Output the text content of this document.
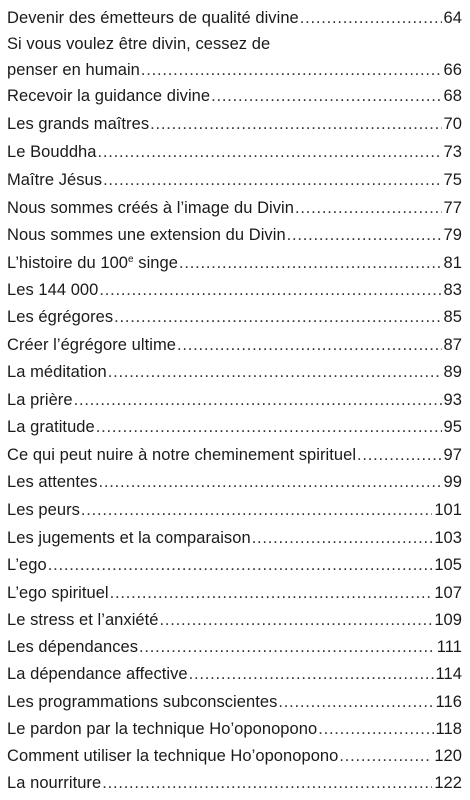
Devenir des émetteurs de qualité divine . . .	64
Si vous voulez être divin, cessez de
penser en humain . . .	66
Recevoir la guidance divine . . .	68
Les grands maîtres . . .	70
Le Bouddha . . .	73
Maître Jésus . . .	75
Nous sommes créés à l’image du Divin . . .	77
Nous sommes une extension du Divin . . .	79
L’histoire du 100e singe . . .	81
Les 144 000 . . .	83
Les égrégores . . .	85
Créer l’égrégore ultime . . .	87
La méditation . . .	89
La prière . . .	93
La gratitude . . .	95
Ce qui peut nuire à notre cheminement spirituel . . .	97
Les attentes . . .	99
Les peurs . . .	101
Les jugements et la comparaison . . .	103
L’ego . . .	105
L’ego spirituel . . .	107
Le stress et l’anxiété . . .	109
Les dépendances . . .	111
La dépendance affective . . .	114
Les programmations subconscientes . . .	116
Le pardon par la technique Ho’oponopono . . .	118
Comment utiliser la technique Ho’oponopono . . .	120
La nourriture . . .	122
